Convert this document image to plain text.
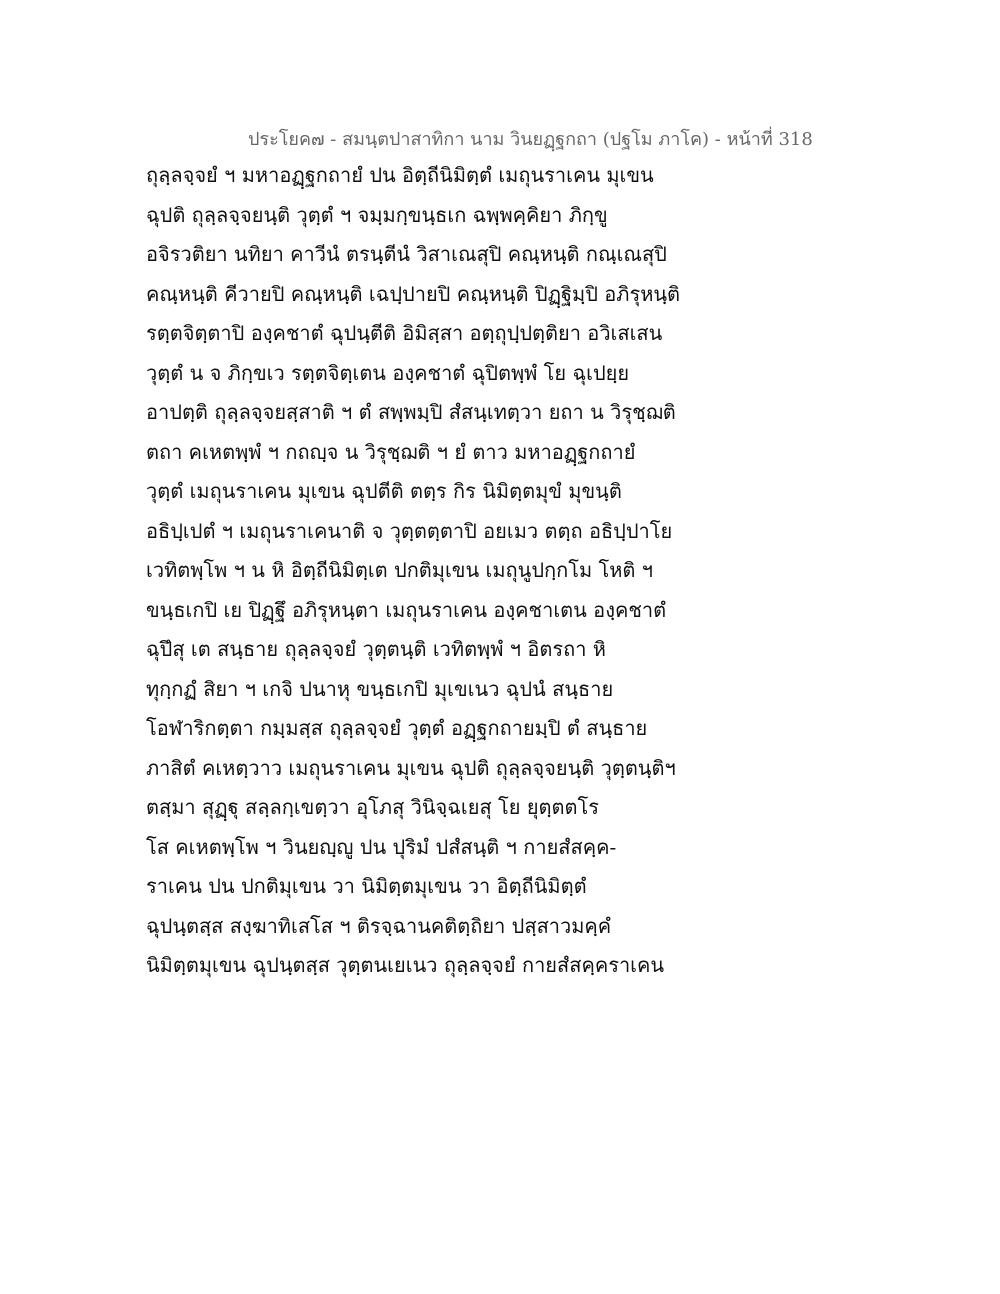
ประโยค๗ - สมนฺตปาสาทิกา นาม วินยฏฺฐกถา (ปฐโม ภาโค) - หน้าที่ 318
ถุลฺลจฺจยํ ฯ มหาอฏฺฐกถายํ ปน อิตฺถีนิมิตฺตํ เมถุนราเคน มุเขน
ฉุปติ ถุลฺลจฺจยนฺติ วุตฺตํ ฯ จมฺมกฺขนฺธเก ฉพฺพคฺคิยา ภิกฺขู
อจิรวติยา นทิยา คาวีนํ ตรนฺตีนํ วิสาเณสุปิ คณฺหนฺติ กณฺเณสุปิ
คณฺหนฺติ คีวายปิ คณฺหนฺติ เฉปฺปายปิ คณฺหนฺติ ปิฏฺฐิมฺปิ อภิรุหนฺติ
รตฺตจิตฺตาปิ องฺคชาตํ ฉุปนฺตีติ อิมิสฺสา อตฺถุปฺปตฺติยา อวิเสเสน
วุตฺตํ น จ ภิกฺขเว รตฺตจิตฺเตน องฺคชาตํ ฉุปิตพฺพํ โย ฉุเปยฺย
อาปตฺติ ถุลฺลจฺจยสฺสาติ ฯ ตํ สพฺพมฺปิ สํสนฺเทตฺวา ยถา น วิรุชฺฌติ
ตถา คเหตพฺพํ ฯ กถญฺจ น วิรุชฺฌติ ฯ ยํ ตาว มหาอฏฺฐกถายํ
วุตฺตํ เมถุนราเคน มุเขน ฉุปตีติ ตตฺร กิร นิมิตฺตมุขํ มุขนฺติ
อธิปฺเปตํ ฯ เมถุนราเคนาติ จ วุตฺตตฺตาปิ อยเมว ตตฺถ อธิปฺปาโย
เวทิตพฺโพ ฯ น หิ อิตฺถีนิมิตฺเต ปกติมุเขน เมถุนูปกฺกโม โหติ ฯ
ขนฺธเกปิ เย ปิฏฺฐึ อภิรุหนฺตา เมถุนราเคน องฺคชาเตน องฺคชาตํ
ฉุปึสุ เต สนฺธาย ถุลฺลจฺจยํ วุตฺตนฺติ เวทิตพฺพํ ฯ อิตรถา หิ
ทุกฺกฏํ สิยา ฯ เกจิ ปนาหุ ขนฺธเกปิ มุเขเนว ฉุปนํ สนฺธาย
โอฬาริกตฺตา กมฺมสฺส ถุลฺลจฺจยํ วุตฺตํ อฏฺฐกถายมฺปิ ตํ สนฺธาย
ภาสิตํ คเหตฺวาว เมถุนราเคน มุเขน ฉุปติ ถุลฺลจฺจยนฺติ วุตฺตนฺติฯ
ตสฺมา สุฏฺฐุ สลฺลกฺเขตฺวา อุโภสุ วินิจฺฉเยสุ โย ยุตฺตตโร
โส คเหตพฺโพ ฯ วินยญฺญู ปน ปุริมํ ปสํสนฺติ ฯ กายสํสคฺค-
ราเคน ปน ปกติมุเขน วา นิมิตฺตมุเขน วา อิตฺถีนิมิตฺตํ
ฉุปนฺตสฺส สงฺฆาทิเสโส ฯ ติรจฺฉานคติตฺถิยา ปสฺสาวมคฺคํ
นิมิตฺตมุเขน ฉุปนฺตสฺส วุตฺตนเยเนว ถุลฺลจฺจยํ กายสํสคฺคราเคน
